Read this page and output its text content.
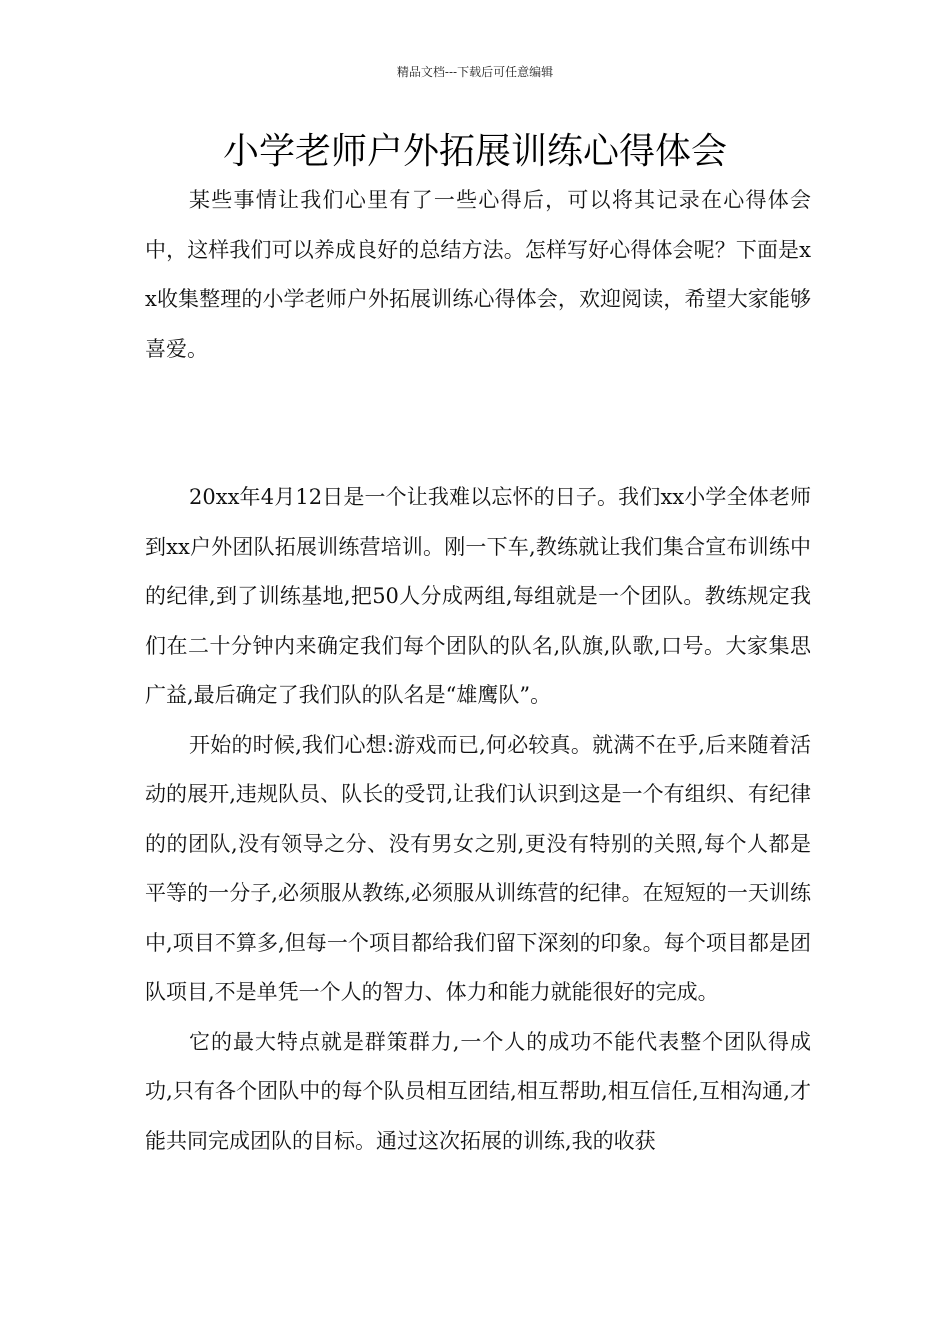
精品文档---下载后可任意编辑
小学老师户外拓展训练心得体会

某些事情让我们心里有了一些心得后，可以将其记录在心得体会中，这样我们可以养成良好的总结方法。怎样写好心得体会呢？下面是xx收集整理的小学老师户外拓展训练心得体会，欢迎阅读，希望大家能够喜爱。

20xx年4月12日是一个让我难以忘怀的日子。我们xx小学全体老师到xx户外团队拓展训练营培训。刚一下车,教练就让我们集合宣布训练中的纪律,到了训练基地,把50人分成两组,每组就是一个团队。教练规定我们在二十分钟内来确定我们每个团队的队名,队旗,队歌,口号。大家集思广益,最后确定了我们队的队名是“雄鹰队”。

开始的时候,我们心想:游戏而已,何必较真。就满不在乎,后来随着活动的展开,违规队员、队长的受罚,让我们认识到这是一个有组织、有纪律的的团队,没有领导之分、没有男女之别,更没有特别的关照,每个人都是平等的一分子,必须服从教练,必须服从训练营的纪律。在短短的一天训练中,项目不算多,但每一个项目都给我们留下深刻的印象。每个项目都是团队项目,不是单凭一个人的智力、体力和能力就能很好的完成。

它的最大特点就是群策群力,一个人的成功不能代表整个团队得成功,只有各个团队中的每个队员相互团结,相互帮助,相互信任,互相沟通,才能共同完成团队的目标。通过这次拓展的训练,我的收获
